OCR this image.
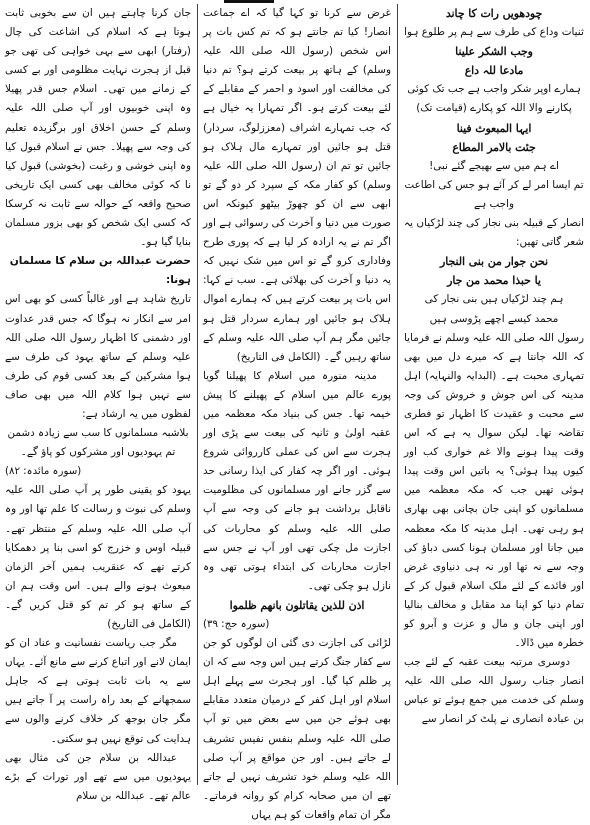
چودھویں رات کا چاند

ثنیات وداع کی طرف سے ہم پر طلوع ہوا

وجب الشکر علینا

مادعا للہ داع

ہمارے اوپر شکر واجب ہے جب تک کوئی

پکارنے والا اللہ کو پکارے (قیامت تک)

ایہا المبعوث فینا

جئت بالامر المطاع

اے ہم میں سے بھیجے گئے نبی!

تم ایسا امر لے کر آئے ہو جس کی اطاعت واجب ہے

انصار کے قبیلہ بنی نجار کی چند لڑکیاں یہ شعر گاتی تھیں:

نحن جوار من بنی النجار

یا حبذا محمد من جار

ہم چند لڑکیاں ہیں بنی نجار کی

محمد کیسے اچھے پڑوسی ہیں

رسول اللہ صلی اللہ علیہ وسلم نے فرمایا کہ اللہ جانتا ہے کہ میرے دل میں بھی تمہاری محبت ہے۔ (البدایہ والنہایہ) اہل مدینہ کی اس جوش و خروش کی وجہ سے محبت و عقیدت کا اظہار تو فطری تقاضہ تھا۔ لیکن سوال یہ ہے کہ اس وقت پیدا ہونے والا غم خواری کب اور کیوں پیدا ہوئی؟ یہ باتیں اس وقت پیدا ہوئی تھیں جب کہ مکہ معظمہ میں مسلمانوں کو اپنی جان بچانی بھی بھاری ہو رہی تھی۔ اہل مدینہ کا مکہ معظمہ میں جانا اور مسلمان ہونا کسی دباؤ کی وجہ سے نہ تھا اور نہ ہی دنیاوی غرض اور فائدے کے لئے ملک اسلام قبول کر کے تمام دنیا کو اپنا مد مقابل و مخالف بنالیا اور اپنی جان و مال و عزت و آبرو کو خطرہ میں ڈالا۔

دوسری مرتبہ بیعت عقبہ کے لئے جب انصار جناب رسول اللہ صلی اللہ علیہ وسلم کی خدمت میں جمع ہوئے تو عباس بن عبادہ انصاری نے پلٹ کر انصار سے

غرض سے کرنا تو کہا گیا کہ اے جماعت انصار! کیا تم جانتے ہو کہ تم کس بات پر اس شخص (رسول اللہ صلی اللہ علیہ وسلم) کے ہاتھ پر بیعت کرتے ہو؟ تم دنیا کی مخالفت اور اسود و احمر کے مقابلے کے لئے بیعت کرتے ہو۔ اگر تمہارا یہ خیال ہے کہ جب تمہارے اشراف (معززلوگ، سردار) قتل ہو جائیں اور تمہارے مال ہلاک ہو جائیں تو تم ان (رسول اللہ صلی اللہ علیہ وسلم) کو کفار مکہ کے سپرد کر دو گے تو ابھی سے ان کو چھوڑ بیٹھو کیونکہ اس صورت میں دنیا و آخرت کی رسوائی ہے اور اگر تم نے یہ ارادہ کر لیا ہے کہ پوری طرح وفاداری کرو گے تو اس میں شک نہیں کہ یہ دنیا و آخرت کی بھلائی ہے۔ سب نے کہا: اس بات پر بیعت کرتے ہیں کہ ہمارے اموال ہلاک ہو جائیں اور ہمارے سردار قتل ہو جائیں مگر ہم آپ صلی اللہ علیہ وسلم کے ساتھ رہیں گے۔ (الکامل فی التاریخ)

مدینہ منورہ میں اسلام کا پھیلنا گویا پورے عالم میں اسلام کے پھیلنے کا پیش خیمہ تھا۔ جس کی بنیاد مکہ معظمہ میں عقبہ اولیٰ و ثانیہ کی بیعت سے پڑی اور ہجرت سے اس کی عملی کارروائی شروع ہوئی۔ اور اگر چہ کفار کی ایذا رسانی حد سے گزر جانے اور مسلمانوں کی مظلومیت ناقابل برداشت ہو جانے کی وجہ سے آپ صلی اللہ علیہ وسلم کو محاربات کی اجازت مل چکی تھی اور آپ نے جس سے اجازت محاربات کی ابتداء ہوتی تھی وہ نازل ہو چکی تھی۔

اذن للذین یقاتلون بانھم ظلموا

(سورہ حج: ۳۹)

لڑائی کی اجازت دی گئی ان لوگوں کو جن سے کفار جنگ کرتے ہیں اس وجہ سے کہ ان پر ظلم کیا گیا۔ اور ہجرت سے پہلے اہل اسلام اور اہل کفر کے درمیان متعدد مقابلے بھی ہوئے جن میں سے بعض میں تو آپ صلی اللہ علیہ وسلم بنفس نفیس تشریف لے جاتے ہیں۔ اور جن مواقع پر آپ صلی اللہ علیہ وسلم خود تشریف نہیں لے جاتے تھے ان میں صحابہ کرام کو روانہ فرماتے۔ مگر ان تمام واقعات کو ہم یہاں

جان کرنا چاہتے ہیں ان سے بخوبی ثابت ہوتا ہے کہ اسلام کی اشاعت کی چال (رفتار) ابھی سے بہی خواہی کی تھی جو قبل از ہجرت نہایت مظلومی اور بے کسی کے زمانے میں تھی۔ اسلام جس قدر پھیلا وہ اپنی خوبیوں اور آپ صلی اللہ علیہ وسلم کے حسن اخلاق اور برگزیدہ تعلیم کی وجہ سے پھیلا۔ جس نے اسلام قبول کیا وہ اپنی خوشی و رغبت (بخوشی) قبول کیا نا کہ کوئی مخالف بھی کسی ایک تاریخی صحیح واقعہ کے حوالہ سے ثابت نہ کرسکا کہ کسی ایک شخص کو بھی بزور مسلمان بنایا گیا ہو۔

حضرت عبداللہ بن سلام کا مسلمان ہونا:

تاریخ شاہد ہے اور غالباً کسی کو بھی اس امر سے انکار نہ ہوگا کہ جس قدر عداوت اور دشمنی کا اظہار رسول اللہ صلی اللہ علیہ وسلم کے ساتھ یہود کی طرف سے ہوا مشرکین کے بعد کسی قوم کی طرف سے نہیں ہوا کلام اللہ میں بھی صاف لفظوں میں یہ ارشاد ہے:

بلاشبہ مسلمانوں کا سب سے زیادہ دشمن تم یہودیوں اور مشرکوں کو پاؤ گے۔

(سورہ مائدہ: ۸۲)

یہود کو یقینی طور پر آپ صلی اللہ علیہ وسلم کی نبوت و رسالت کا علم تھا اور وہ آپ صلی اللہ علیہ وسلم کے منتظر تھے۔ قبیلہ اوس و خزرج کو اسی بنا پر دھمکایا کرتے تھے کہ عنقریب ہمیں آخر الزمان مبعوث ہونے والے ہیں۔ اس وقت ہم ان کے ساتھ ہو کر تم کو قتل کریں گے۔ (الکامل فی التاریخ)

مگر جب ریاست نفسانیت و عناد ان کو ایمان لانے اور اتباع کرنے سے مانع آئے۔ یہاں سے یہ بات ثابت ہوتی ہے کہ جاہل سمجھانے کے بعد راہ راست پر آ جاتے ہیں مگر جان بوجھ کر خلاف کرنے والوں سے ہدایت کی توقع نہیں ہو سکتی۔

عبداللہ بن سلام جن کی مثال بھی یہودیوں میں سے تھے اور تورات کے بڑے عالم تھے۔ عبداللہ بن سلام
